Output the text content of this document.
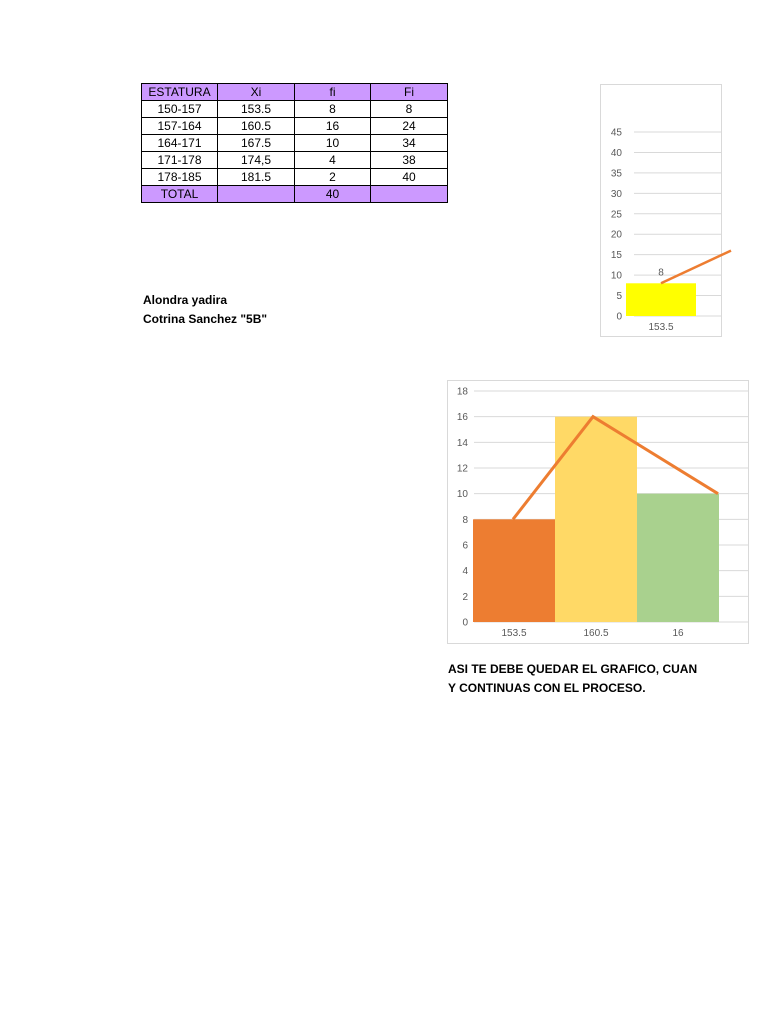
ESTATURA	Xi	fi	Fi
150-157	153.5	8	8
157-164	160.5	16	24
164-171	167.5	10	34
171-178	174,5	4	38
178-185	181.5	2	40
TOTAL		40	
Alondra yadira
Cotrina Sanchez "5B"	0
5
10
15
20
25
30
35
40
45
153.5
8
0
2
4
6
8
10
12
14
16
18
153.5	160.5	16
ASI TE DEBE QUEDAR EL GRAFICO, CUAN
Y CONTINUAS CON EL PROCESO.
